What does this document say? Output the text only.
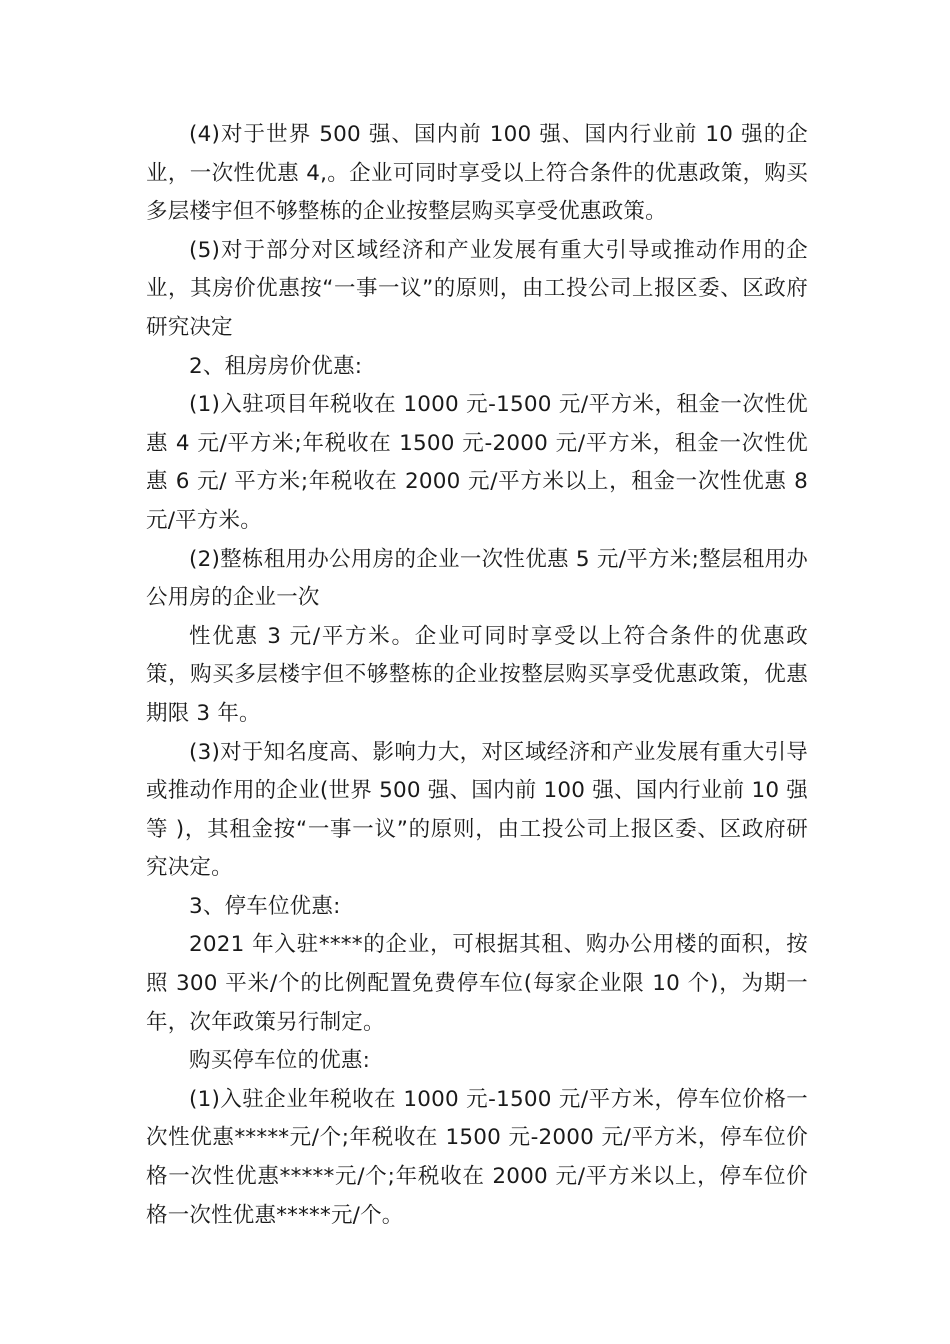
(4)对于世界 500 强、国内前 100 强、国内行业前 10 强的企业，一次性优惠 4,。企业可同时享受以上符合条件的优惠政策，购买多层楼宇但不够整栋的企业按整层购买享受优惠政策。

(5)对于部分对区域经济和产业发展有重大引导或推动作用的企业，其房价优惠按“一事一议”的原则，由工投公司上报区委、区政府研究决定

2、租房房价优惠:

(1)入驻项目年税收在 1000 元-1500 元/平方米，租金一次性优惠 4 元/平方米;年税收在 1500 元-2000 元/平方米，租金一次性优惠 6 元/ 平方米;年税收在 2000 元/平方米以上，租金一次性优惠 8 元/平方米。

(2)整栋租用办公用房的企业一次性优惠 5 元/平方米;整层租用办公用房的企业一次

性优惠 3 元/平方米。企业可同时享受以上符合条件的优惠政策，购买多层楼宇但不够整栋的企业按整层购买享受优惠政策，优惠期限 3 年。

(3)对于知名度高、影响力大，对区域经济和产业发展有重大引导或推动作用的企业(世界 500 强、国内前 100 强、国内行业前 10 强等 )，其租金按“一事一议”的原则，由工投公司上报区委、区政府研究决定。

3、停车位优惠:

2021 年入驻****的企业，可根据其租、购办公用楼的面积，按照 300 平米/个的比例配置免费停车位(每家企业限 10 个)，为期一年，次年政策另行制定。

购买停车位的优惠:

(1)入驻企业年税收在 1000 元-1500 元/平方米，停车位价格一次性优惠*****元/个;年税收在 1500 元-2000 元/平方米，停车位价格一次性优惠*****元/个;年税收在 2000 元/平方米以上，停车位价格一次性优惠*****元/个。
